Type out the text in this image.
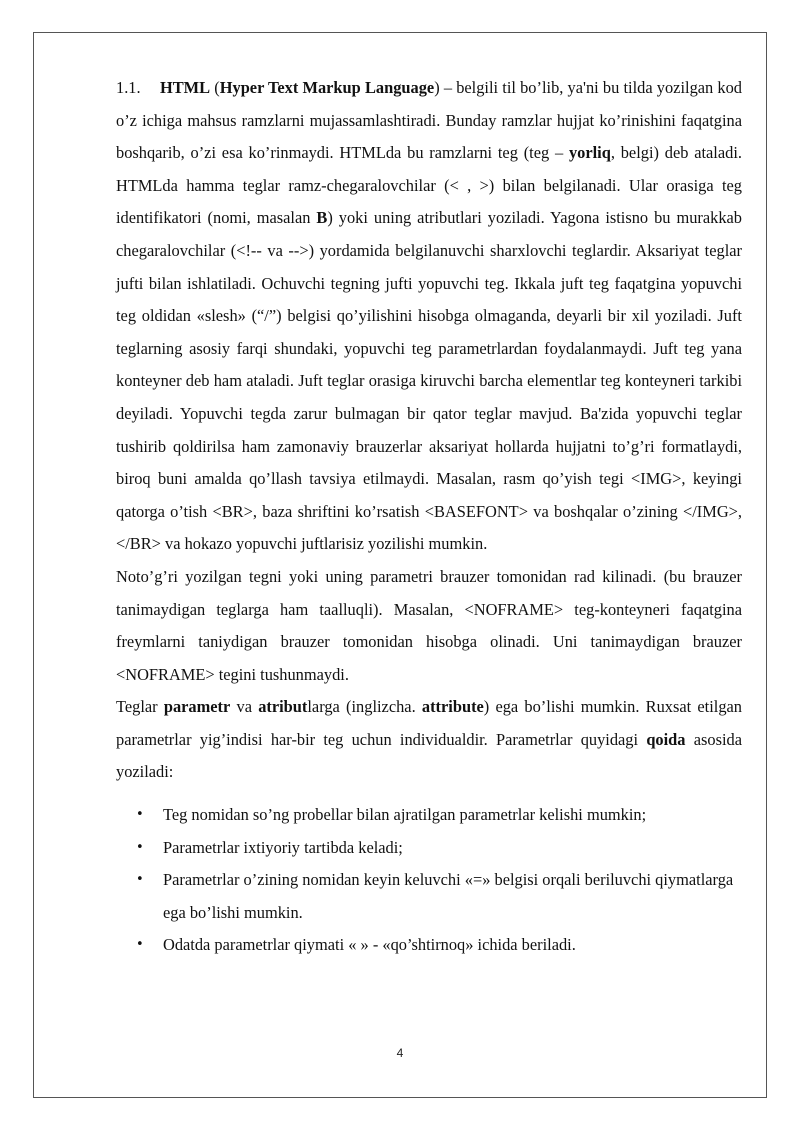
1.1. HTML (Hyper Text Markup Language) – belgili til bo’lib, ya'ni bu tilda yozilgan kod o’z ichiga mahsus ramzlarni mujassamlashtiradi. Bunday ramzlar hujjat ko’rinishini faqatgina boshqarib, o’zi esa ko’rinmaydi. HTMLda bu ramzlarni teg (teg – yorliq, belgi) deb ataladi. HTMLda hamma teglar ramz-chegaralovchilar (< , >) bilan belgilanadi. Ular orasiga teg identifikatori (nomi, masalan B) yoki uning atributlari yoziladi. Yagona istisno bu murakkab chegaralovchilar (<!-- va -->) yordamida belgilanuvchi sharxlovchi teglardir. Aksariyat teglar jufti bilan ishlatiladi. Ochuvchi tegning jufti yopuvchi teg. Ikkala juft teg faqatgina yopuvchi teg oldidan «slesh» (“/”) belgisi qo’yilishini hisobga olmaganda, deyarli bir xil yoziladi. Juft teglarning asosiy farqi shundaki, yopuvchi teg parametrlardan foydalanmaydi. Juft teg yana konteyner deb ham ataladi. Juft teglar orasiga kiruvchi barcha elementlar teg konteyneri tarkibi deyiladi. Yopuvchi tegda zarur bulmagan bir qator teglar mavjud. Ba'zida yopuvchi teglar tushirib qoldirilsa ham zamonaviy brauzerlar aksariyat hollarda hujjatni to’g’ri formatlaydi, biroq buni amalda qo’llash tavsiya etilmaydi. Masalan, rasm qo’yish tegi <IMG>, keyingi qatorga o’tish <BR>, baza shriftini ko’rsatish <BASEFONT> va boshqalar o’zining </IMG>, </BR> va hokazo yopuvchi juftlarisiz yozilishi mumkin.

Noto’g’ri yozilgan tegni yoki uning parametri brauzer tomonidan rad kilinadi. (bu brauzer tanimaydigan teglarga ham taalluqli). Masalan, <NOFRAME> teg-konteyneri faqatgina freymlarni taniydigan brauzer tomonidan hisobga olinadi. Uni tanimaydigan brauzer <NOFRAME> tegini tushunmaydi.

Teglar parametr va atributlarga (inglizcha. attribute) ega bo’lishi mumkin. Ruxsat etilgan parametrlar yig’indisi har-bir teg uchun individualdir. Parametrlar quyidagi qoida asosida yoziladi:

• Teg nomidan so’ng probellar bilan ajratilgan parametrlar kelishi mumkin;
• Parametrlar ixtiyoriy tartibda keladi;
• Parametrlar o’zining nomidan keyin keluvchi «=» belgisi orqali beriluvchi qiymatlarga ega bo’lishi mumkin.
• Odatda parametrlar qiymati « » - «qo’shtirnoq» ichida beriladi.
4
